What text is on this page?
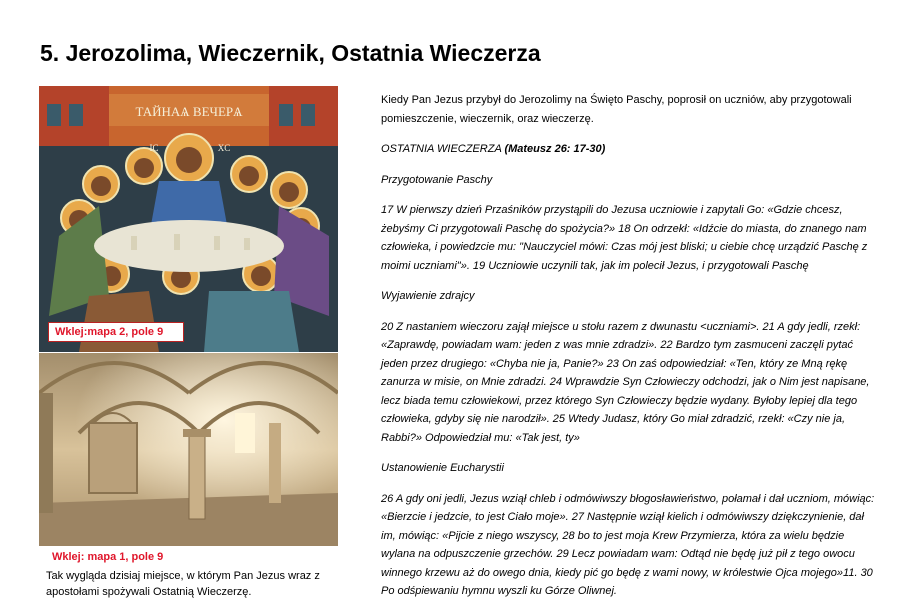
5. Jerozolima, Wieczernik, Ostatnia Wieczerza
ТАЙНАѦ ВЕЧЕРѦ
IC	XC
Wklej:mapa 2, pole 9
Wklej: mapa 1, pole 9
Tak wygląda dzisiaj miejsce, w którym Pan Jezus wraz z apostołami spożywali Ostatnią Wieczerzę.

Kiedy Pan Jezus przybył do Jerozolimy na Święto Paschy, poprosił on uczniów, aby przygotowali pomieszczenie, wieczernik, oraz wieczerzę.

OSTATNIA WIECZERZA (Mateusz 26: 17-30)

Przygotowanie Paschy

17 W pierwszy dzień Przaśników przystąpili do Jezusa uczniowie i zapytali Go: «Gdzie chcesz, żebyśmy Ci przygotowali Paschę do spożycia?» 18 On odrzekł: «Idźcie do miasta, do znanego nam człowieka, i powiedzcie mu: "Nauczyciel mówi: Czas mój jest bliski; u ciebie chcę urządzić Paschę z moimi uczniami"». 19 Uczniowie uczynili tak, jak im polecił Jezus, i przygotowali Paschę

Wyjawienie zdrajcy

20 Z nastaniem wieczoru zajął miejsce u stołu razem z dwunastu <uczniami>. 21 A gdy jedli, rzekł: «Zaprawdę, powiadam wam: jeden z was mnie zdradzi». 22 Bardzo tym zasmuceni zaczęli pytać jeden przez drugiego: «Chyba nie ja, Panie?» 23 On zaś odpowiedział: «Ten, który ze Mną rękę zanurza w misie, on Mnie zdradzi. 24 Wprawdzie Syn Człowieczy odchodzi, jak o Nim jest napisane, lecz biada temu człowiekowi, przez którego Syn Człowieczy będzie wydany. Byłoby lepiej dla tego człowieka, gdyby się nie narodził». 25 Wtedy Judasz, który Go miał zdradzić, rzekł: «Czy nie ja, Rabbi?» Odpowiedział mu: «Tak jest, ty»

Ustanowienie Eucharystii

26 A gdy oni jedli, Jezus wziął chleb i odmówiwszy błogosławieństwo, połamał i dał uczniom, mówiąc: «Bierzcie i jedzcie, to jest Ciało moje». 27 Następnie wziął kielich i odmówiwszy dziękczynienie, dał im, mówiąc: «Pijcie z niego wszyscy, 28 bo to jest moja Krew Przymierza, która za wielu będzie wylana na odpuszczenie grzechów. 29 Lecz powiadam wam: Odtąd nie będę już pił z tego owocu winnego krzewu aż do owego dnia, kiedy pić go będę z wami nowy, w królestwie Ojca mojego»11. 30 Po odśpiewaniu hymnu wyszli ku Górze Oliwnej.
